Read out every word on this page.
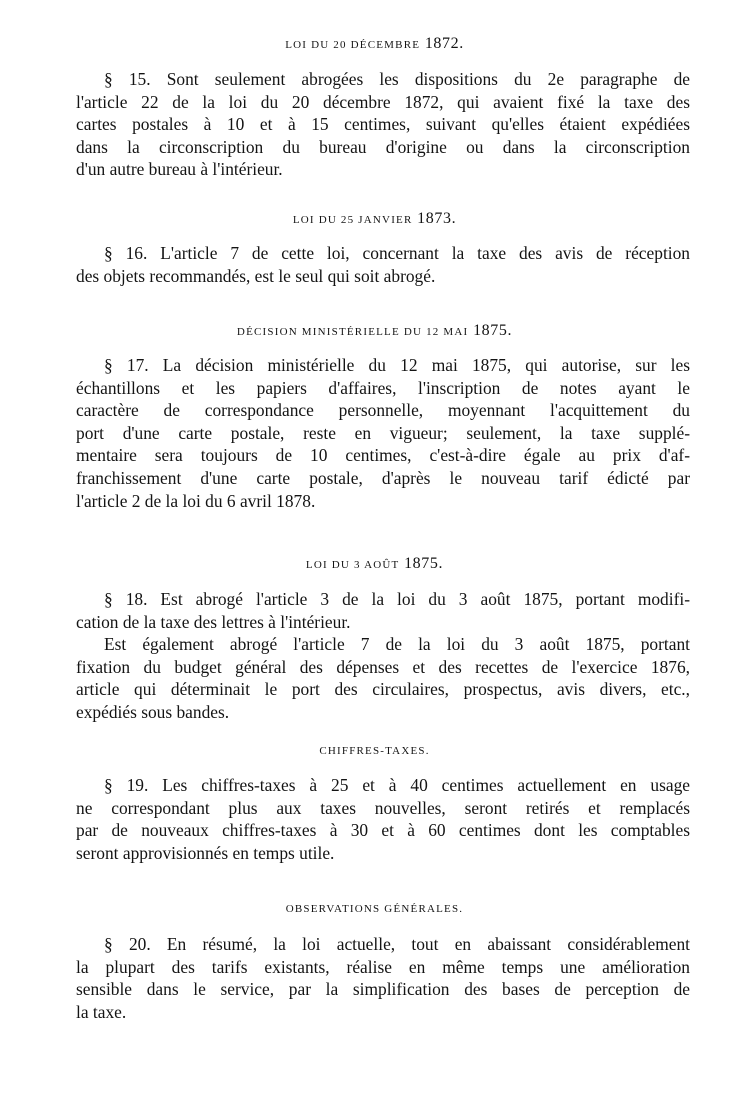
LOI DU 20 DÉCEMBRE 1872.
§ 15. Sont seulement abrogées les dispositions du 2e paragraphe de
l'article 22 de la loi du 20 décembre 1872, qui avaient fixé la taxe des
cartes postales à 10 et à 15 centimes, suivant qu'elles étaient expédiées
dans la circonscription du bureau d'origine ou dans la circonscription
d'un autre bureau à l'intérieur.
LOI DU 25 JANVIER 1873.
§ 16. L'article 7 de cette loi, concernant la taxe des avis de réception
des objets recommandés, est le seul qui soit abrogé.
DÉCISION MINISTÉRIELLE DU 12 MAI 1875.
§ 17. La décision ministérielle du 12 mai 1875, qui autorise, sur les
échantillons et les papiers d'affaires, l'inscription de notes ayant le
caractère de correspondance personnelle, moyennant l'acquittement du
port d'une carte postale, reste en vigueur; seulement, la taxe supplé-
mentaire sera toujours de 10 centimes, c'est-à-dire égale au prix d'af-
franchissement d'une carte postale, d'après le nouveau tarif édicté par
l'article 2 de la loi du 6 avril 1878.
LOI DU 3 AOÛT 1875.
§ 18. Est abrogé l'article 3 de la loi du 3 août 1875, portant modifi-
cation de la taxe des lettres à l'intérieur.
Est également abrogé l'article 7 de la loi du 3 août 1875, portant
fixation du budget général des dépenses et des recettes de l'exercice 1876,
article qui déterminait le port des circulaires, prospectus, avis divers, etc.,
expédiés sous bandes.
CHIFFRES-TAXES.
§ 19. Les chiffres-taxes à 25 et à 40 centimes actuellement en usage
ne correspondant plus aux taxes nouvelles, seront retirés et remplacés
par de nouveaux chiffres-taxes à 30 et à 60 centimes dont les comptables
seront approvisionnés en temps utile.
OBSERVATIONS GÉNÉRALES.
§ 20. En résumé, la loi actuelle, tout en abaissant considérablement
la plupart des tarifs existants, réalise en même temps une amélioration
sensible dans le service, par la simplification des bases de perception de
la taxe.
